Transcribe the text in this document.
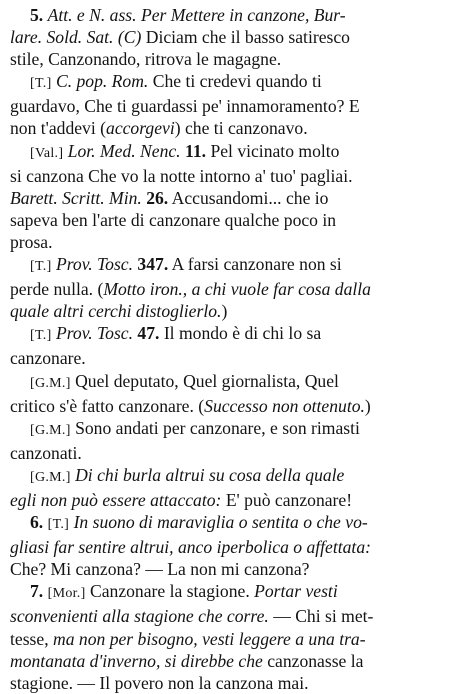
5. Att. e N. ass. Per Mettere in canzone, Bur-
lare. Sold. Sat. (C) Diciam che il basso satiresco
stile, Canzonando, ritrova le magagne.
[T.] C. pop. Rom. Che ti credevi quando ti
guardavo, Che ti guardassi pe' innamoramento? E
non t'addevi (accorgevi) che ti canzonavo.
[Val.] Lor. Med. Nenc. 11. Pel vicinato molto
si canzona Che vo la notte intorno a' tuo' pagliai.
Barett. Scritt. Min. 26. Accusandomi... che io
sapeva ben l'arte di canzonare qualche poco in
prosa.
[T.] Prov. Tosc. 347. A farsi canzonare non si
perde nulla. (Motto iron., a chi vuole far cosa dalla
quale altri cerchi distoglierlo.)
[T.] Prov. Tosc. 47. Il mondo è di chi lo sa
canzonare.
[G.M.] Quel deputato, Quel giornalista, Quel
critico s'è fatto canzonare. (Successo non ottenuto.)
[G.M.] Sono andati per canzonare, e son rimasti
canzonati.
[G.M.] Di chi burla altrui su cosa della quale
egli non può essere attaccato: E' può canzonare!
6. [T.] In suono di maraviglia o sentita o che vo-
gliasi far sentire altrui, anco iperbolica o affettata:
Che? Mi canzona? — La non mi canzona?
7. [Mor.] Canzonare la stagione. Portar vesti
sconvenienti alla stagione che corre. — Chi si met-
tesse, ma non per bisogno, vesti leggere a una tra-
montanata d'inverno, si direbbe che canzonasse la
stagione. — Il povero non la canzona mai.
